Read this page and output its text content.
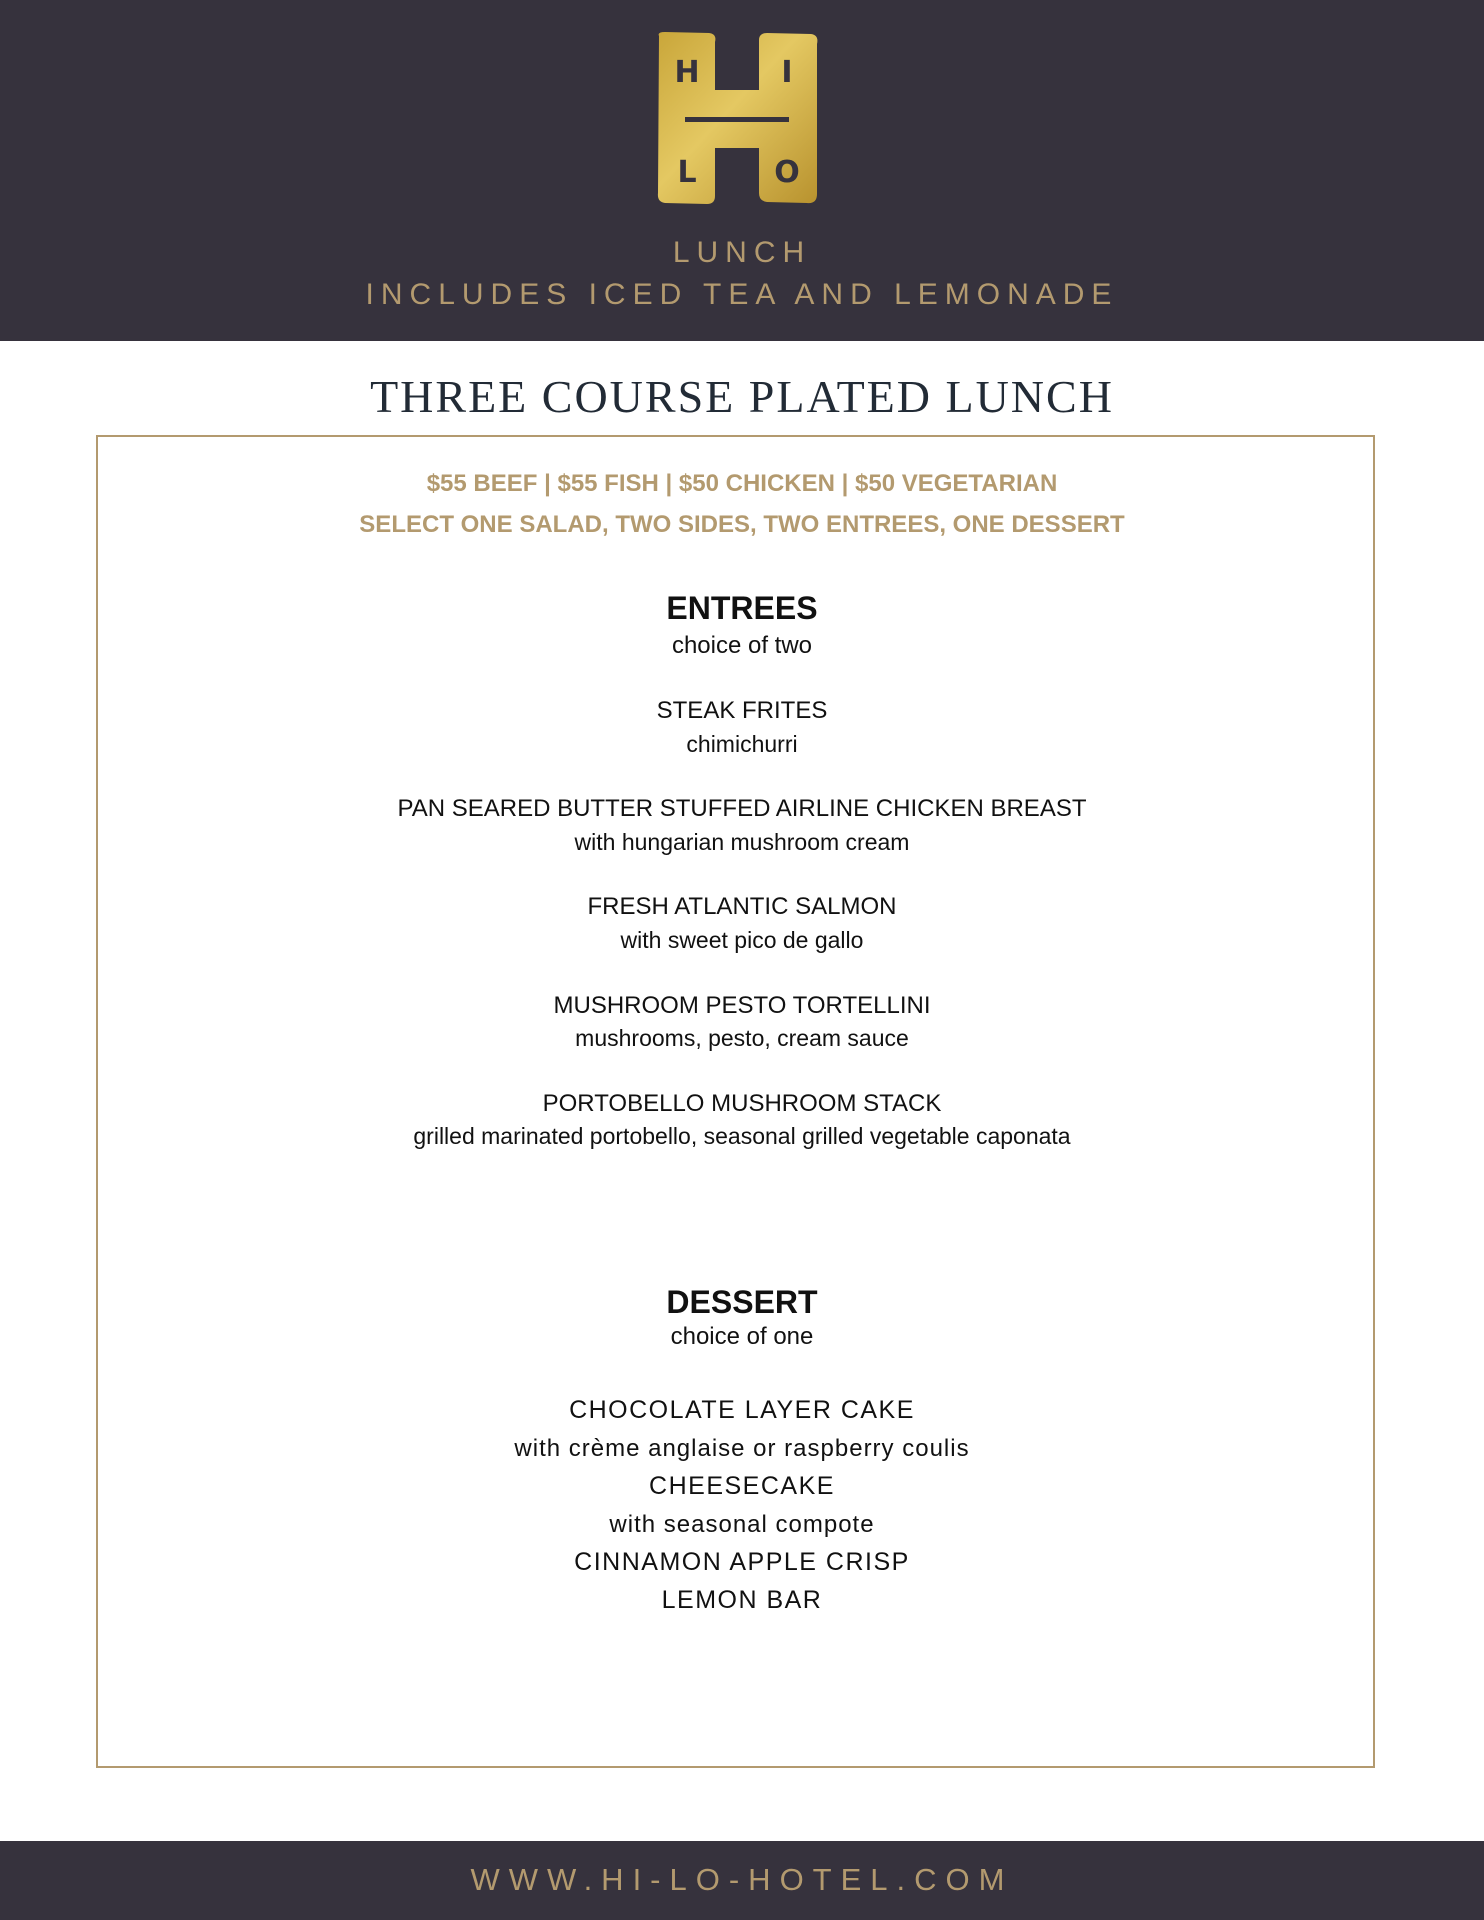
H	I
L	O
LUNCH
INCLUDES ICED TEA AND LEMONADE
THREE COURSE PLATED LUNCH
$55 BEEF | $55 FISH | $50 CHICKEN | $50 VEGETARIAN
SELECT ONE SALAD, TWO SIDES, TWO ENTREES, ONE DESSERT
ENTREES
choice of two
STEAK FRITES
chimichurri
PAN SEARED BUTTER STUFFED AIRLINE CHICKEN BREAST
with hungarian mushroom cream
FRESH ATLANTIC SALMON
with sweet pico de gallo
MUSHROOM PESTO TORTELLINI
mushrooms, pesto, cream sauce
PORTOBELLO MUSHROOM STACK
grilled marinated portobello, seasonal grilled vegetable caponata
DESSERT
choice of one
CHOCOLATE LAYER CAKE
with crème anglaise or raspberry coulis
CHEESECAKE
with seasonal compote
CINNAMON APPLE CRISP
LEMON BAR
WWW.HI-LO-HOTEL.COM
